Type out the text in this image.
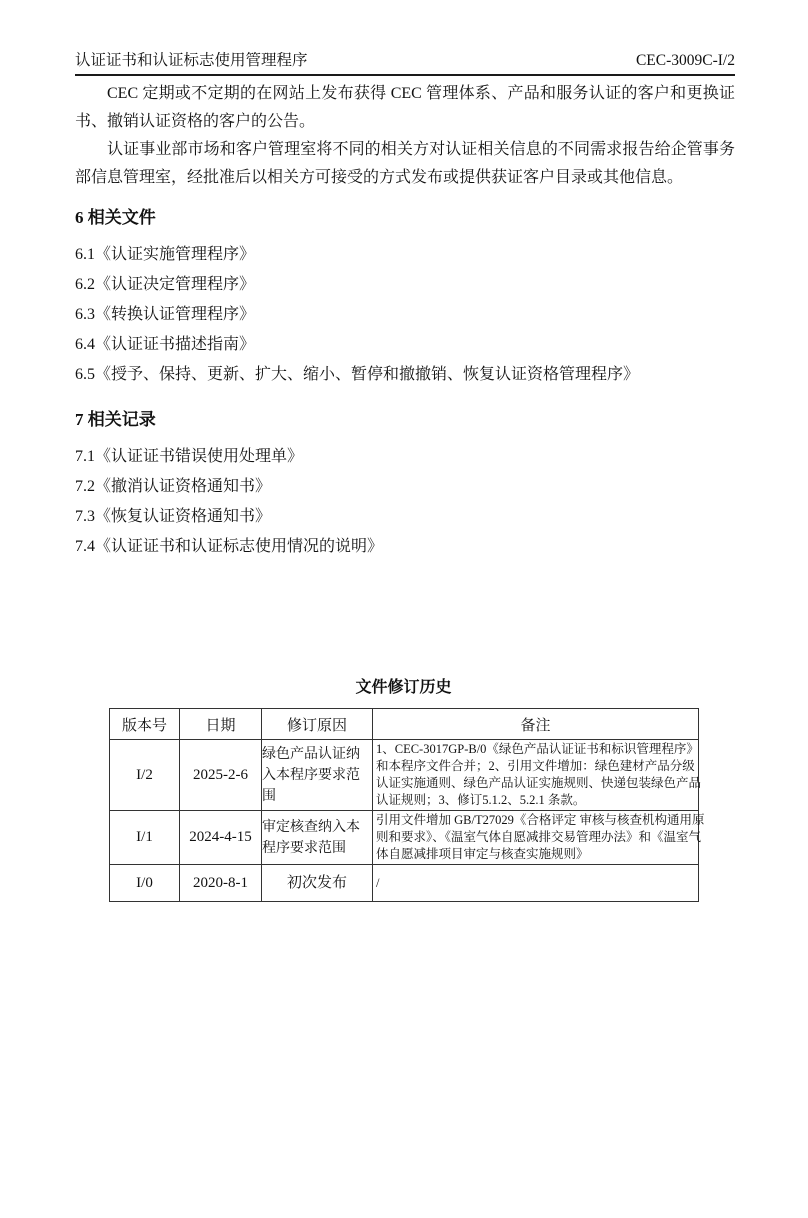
认证证书和认证标志使用管理程序	CEC-3009C-I/2

CEC 定期或不定期的在网站上发布获得 CEC 管理体系、产品和服务认证的客户和更换证书、撤销认证资格的客户的公告。

认证事业部市场和客户管理室将不同的相关方对认证相关信息的不同需求报告给企管事务部信息管理室，经批准后以相关方可接受的方式发布或提供获证客户目录或其他信息。

6 相关文件
6.1《认证实施管理程序》
6.2《认证决定管理程序》
6.3《转换认证管理程序》
6.4《认证证书描述指南》
6.5《授予、保持、更新、扩大、缩小、暂停和撤撤销、恢复认证资格管理程序》
7 相关记录
7.1《认证证书错误使用处理单》
7.2《撤消认证资格通知书》
7.3《恢复认证资格通知书》
7.4《认证证书和认证标志使用情况的说明》
文件修订历史
版本号	日期	修订原因	备注
I/2	2025-2-6	绿色产品认证纳入本程序要求范围	1、CEC-3017GP-B/0《绿色产品认证证书和标识管理程序》和本程序文件合并；2、引用文件增加：绿色建材产品分级认证实施通则、绿色产品认证实施规则、快递包装绿色产品认证规则；3、修订5.1.2、5.2.1 条款。

I/1	2024-4-15	审定核查纳入本程序要求范围	引用文件增加 GB/T27029《合格评定 审核与核查机构通用原则和要求》、《温室气体自愿减排交易管理办法》和《温室气体自愿减排项目审定与核查实施规则》

I/0	2020-8-1	初次发布	/
